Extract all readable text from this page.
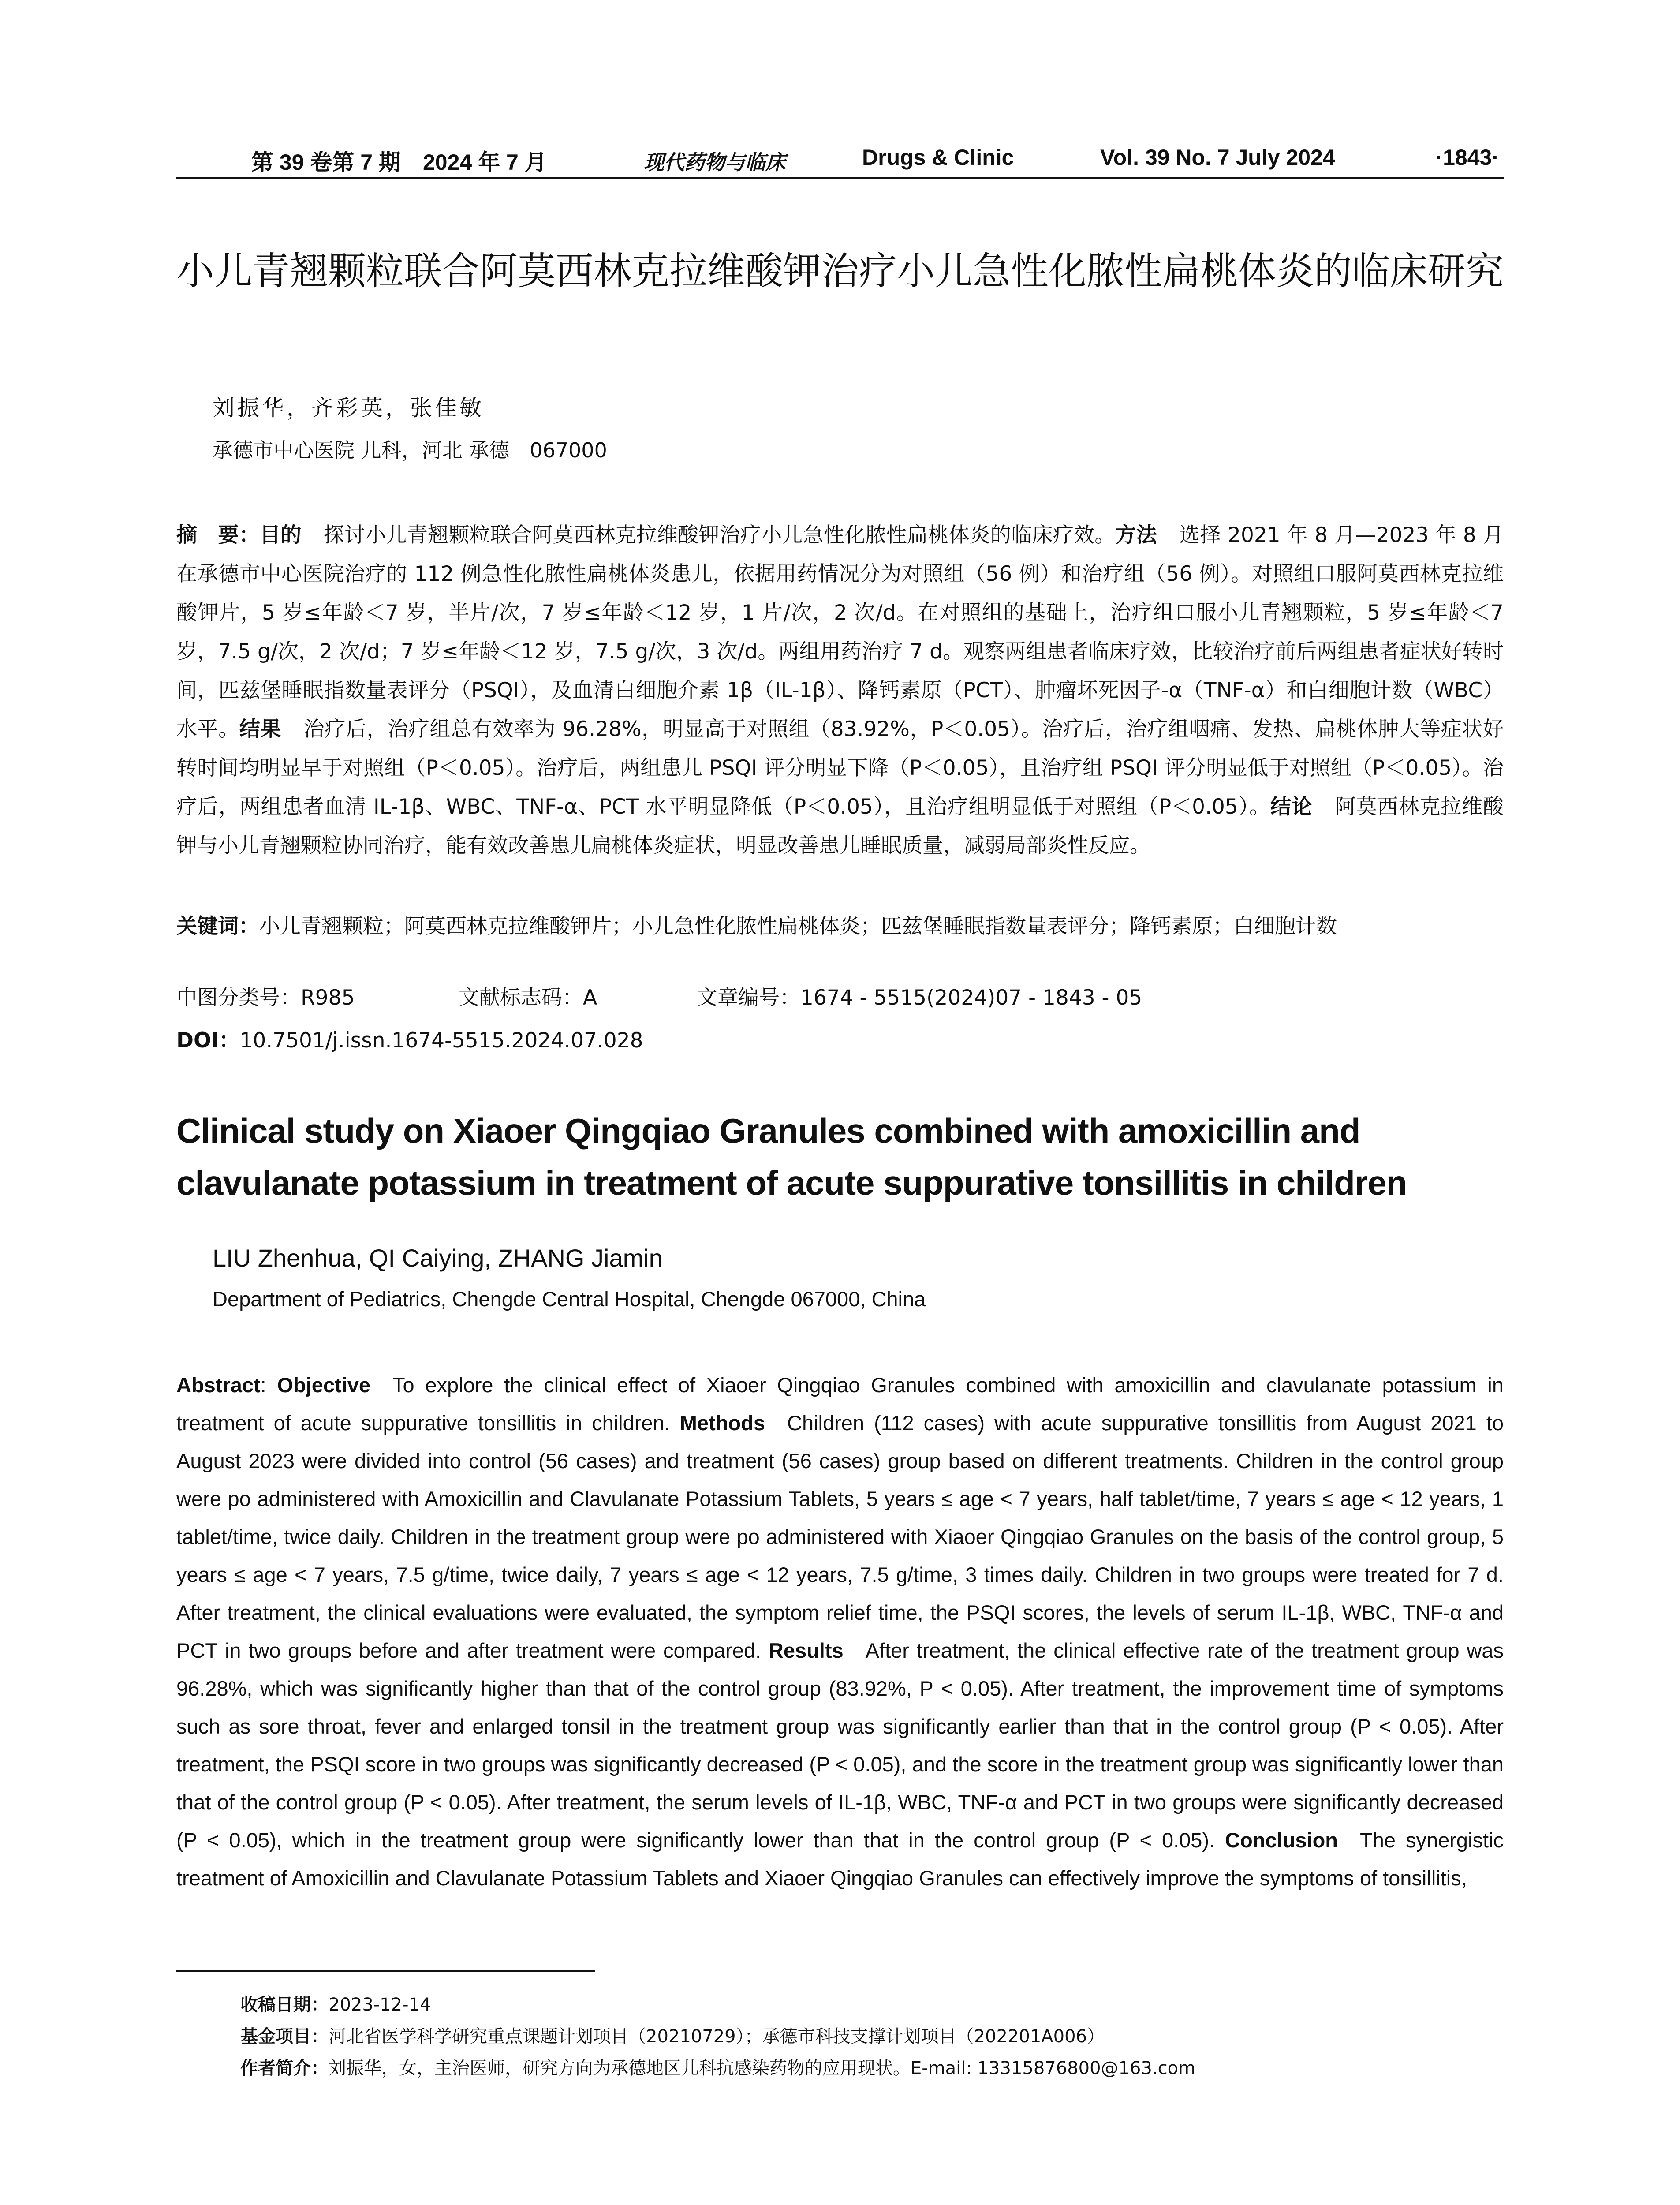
第 39 卷第 7 期　2024 年 7 月	现代药物与临床	Drugs & Clinic	Vol. 39 No. 7 July 2024	·1843·
小儿青翘颗粒联合阿莫西林克拉维酸钾治疗小儿急性化脓性扁桃体炎的临床研究
刘振华，齐彩英，张佳敏
承德市中心医院 儿科，河北 承德　067000
摘　要：目的 探讨小儿青翘颗粒联合阿莫西林克拉维酸钾治疗小儿急性化脓性扁桃体炎的临床疗效。方法 选择 2021 年 8 月—2023 年 8 月在承德市中心医院治疗的 112 例急性化脓性扁桃体炎患儿，依据用药情况分为对照组（56 例）和治疗组（56 例）。对照组口服阿莫西林克拉维酸钾片，5 岁≤年龄＜7 岁，半片/次，7 岁≤年龄＜12 岁，1 片/次，2 次/d。在对照组的基础上，治疗组口服小儿青翘颗粒，5 岁≤年龄＜7 岁，7.5 g/次，2 次/d；7 岁≤年龄＜12 岁，7.5 g/次，3 次/d。两组用药治疗 7 d。观察两组患者临床疗效，比较治疗前后两组患者症状好转时间，匹兹堡睡眠指数量表评分（PSQI），及血清白细胞介素 1β（IL-1β）、降钙素原（PCT）、肿瘤坏死因子-α（TNF-α）和白细胞计数（WBC）水平。结果 治疗后，治疗组总有效率为 96.28%，明显高于对照组（83.92%，P＜0.05）。治疗后，治疗组咽痛、发热、扁桃体肿大等症状好转时间均明显早于对照组（P＜0.05）。治疗后，两组患儿 PSQI 评分明显下降（P＜0.05），且治疗组 PSQI 评分明显低于对照组（P＜0.05）。治疗后，两组患者血清 IL-1β、WBC、TNF-α、PCT 水平明显降低（P＜0.05），且治疗组明显低于对照组（P＜0.05）。结论 阿莫西林克拉维酸钾与小儿青翘颗粒协同治疗，能有效改善患儿扁桃体炎症状，明显改善患儿睡眠质量，减弱局部炎性反应。
关键词：小儿青翘颗粒；阿莫西林克拉维酸钾片；小儿急性化脓性扁桃体炎；匹兹堡睡眠指数量表评分；降钙素原；白细胞计数
中图分类号：R985	文献标志码：A	文章编号：1674 - 5515(2024)07 - 1843 - 05
DOI：10.7501/j.issn.1674-5515.2024.07.028
Clinical study on Xiaoer Qingqiao Granules combined with amoxicillin and clavulanate potassium in treatment of acute suppurative tonsillitis in children
LIU Zhenhua, QI Caiying, ZHANG Jiamin
Department of Pediatrics, Chengde Central Hospital, Chengde 067000, China
Abstract: Objective To explore the clinical effect of Xiaoer Qingqiao Granules combined with amoxicillin and clavulanate potassium in treatment of acute suppurative tonsillitis in children. Methods Children (112 cases) with acute suppurative tonsillitis from August 2021 to August 2023 were divided into control (56 cases) and treatment (56 cases) group based on different treatments. Children in the control group were po administered with Amoxicillin and Clavulanate Potassium Tablets, 5 years ≤ age < 7 years, half tablet/time, 7 years ≤ age < 12 years, 1 tablet/time, twice daily. Children in the treatment group were po administered with Xiaoer Qingqiao Granules on the basis of the control group, 5 years ≤ age < 7 years, 7.5 g/time, twice daily, 7 years ≤ age < 12 years, 7.5 g/time, 3 times daily. Children in two groups were treated for 7 d. After treatment, the clinical evaluations were evaluated, the symptom relief time, the PSQI scores, the levels of serum IL-1β, WBC, TNF-α and PCT in two groups before and after treatment were compared. Results After treatment, the clinical effective rate of the treatment group was 96.28%, which was significantly higher than that of the control group (83.92%, P < 0.05). After treatment, the improvement time of symptoms such as sore throat, fever and enlarged tonsil in the treatment group was significantly earlier than that in the control group (P < 0.05). After treatment, the PSQI score in two groups was significantly decreased (P < 0.05), and the score in the treatment group was significantly lower than that of the control group (P < 0.05). After treatment, the serum levels of IL-1β, WBC, TNF-α and PCT in two groups were significantly decreased (P < 0.05), which in the treatment group were significantly lower than that in the control group (P < 0.05). Conclusion The synergistic treatment of Amoxicillin and Clavulanate Potassium Tablets and Xiaoer Qingqiao Granules can effectively improve the symptoms of tonsillitis,
收稿日期：2023-12-14
基金项目：河北省医学科学研究重点课题计划项目（20210729）；承德市科技支撑计划项目（202201A006）
作者简介：刘振华，女，主治医师，研究方向为承德地区儿科抗感染药物的应用现状。E-mail: 13315876800@163.com
